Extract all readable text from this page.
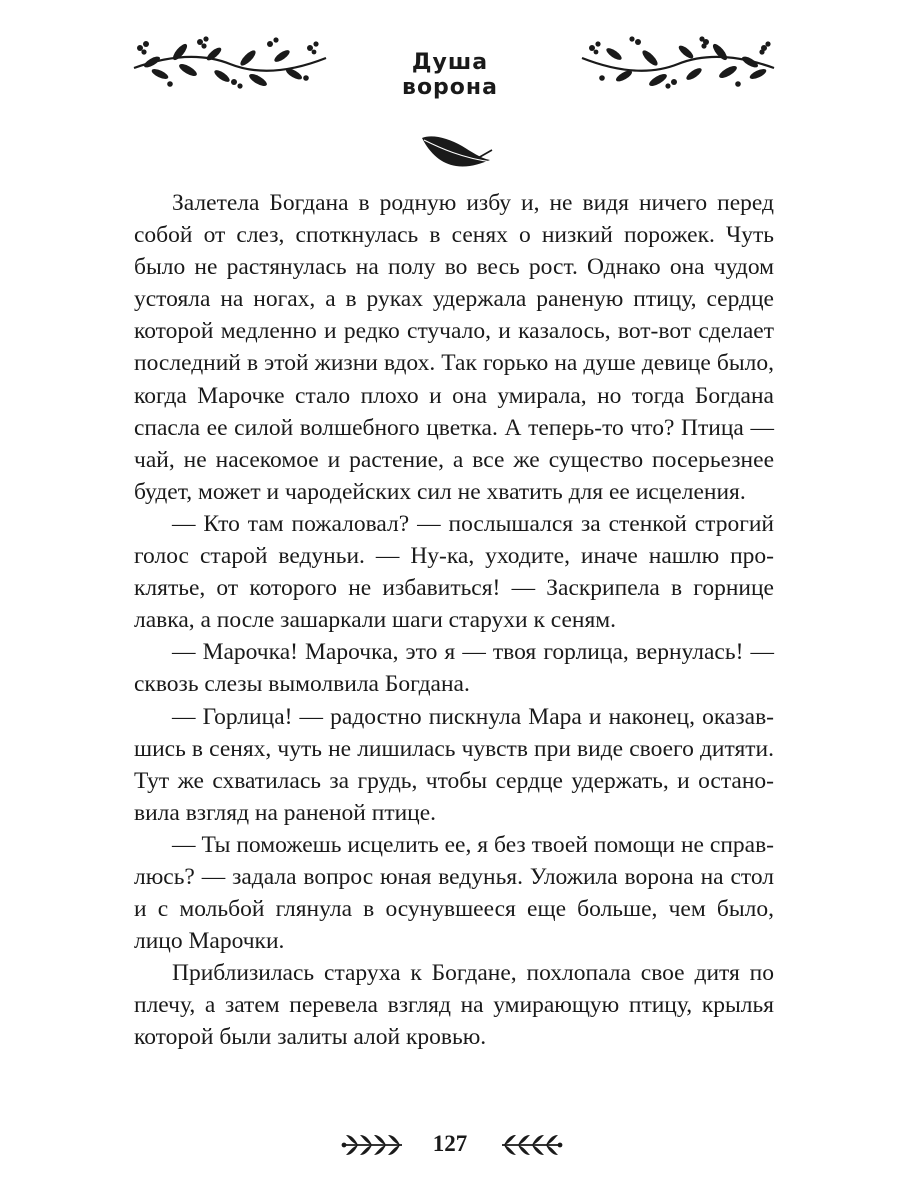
Душа ворона

Залетела Богдана в родную избу и, не видя ничего перед собой от слез, споткнулась в сенях о низкий порожек. Чуть было не растянулась на полу во весь рост. Однако она чудом устояла на ногах, а в руках удержала раненую птицу, сердце которой медленно и редко стучало, и казалось, вот-вот сделает последний в этой жизни вдох. Так горько на душе девице было, когда Марочке стало плохо и она умирала, но тогда Богдана спасла ее силой волшебного цветка. А теперь-то что? Птица — чай, не насекомое и растение, а все же существо посерьезнее будет, может и чародейских сил не хватить для ее исцеления.

— Кто там пожаловал? — послышался за стенкой строгий голос старой ведуньи. — Ну-ка, уходите, иначе нашлю проклятье, от которого не избавиться! — Заскрипела в горнице лавка, а после зашаркали шаги старухи к сеням.

— Марочка! Марочка, это я — твоя горлица, вернулась! — сквозь слезы вымолвила Богдана.

— Горлица! — радостно пискнула Мара и наконец, оказавшись в сенях, чуть не лишилась чувств при виде своего дитяти. Тут же схватилась за грудь, чтобы сердце удержать, и остановила взгляд на раненой птице.

— Ты поможешь исцелить ее, я без твоей помощи не справлюсь? — задала вопрос юная ведунья. Уложила ворона на стол и с мольбой глянула в осунувшееся еще больше, чем было, лицо Марочки.

Приблизилась старуха к Богдане, похлопала свое дитя по плечу, а затем перевела взгляд на умирающую птицу, крылья которой были залиты алой кровью.

127
